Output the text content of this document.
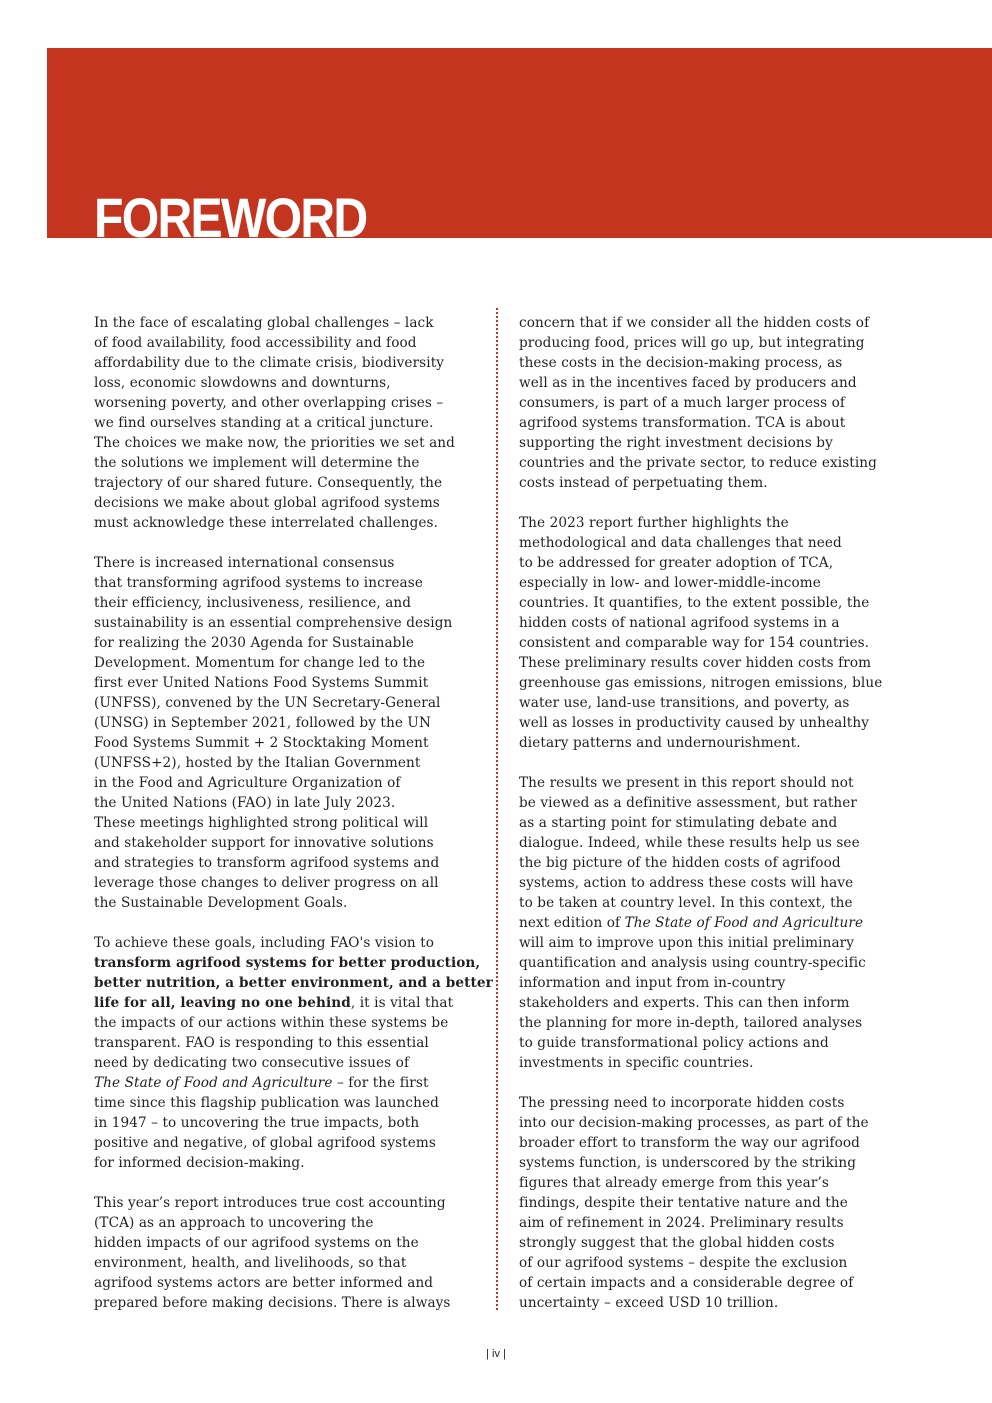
FOREWORD
In the face of escalating global challenges – lack
of food availability, food accessibility and food
affordability due to the climate crisis, biodiversity
loss, economic slowdowns and downturns,
worsening poverty, and other overlapping crises –
we find ourselves standing at a critical juncture.
The choices we make now, the priorities we set and
the solutions we implement will determine the
trajectory of our shared future. Consequently, the
decisions we make about global agrifood systems
must acknowledge these interrelated challenges.
There is increased international consensus
that transforming agrifood systems to increase
their efficiency, inclusiveness, resilience, and
sustainability is an essential comprehensive design
for realizing the 2030 Agenda for Sustainable
Development. Momentum for change led to the
first ever United Nations Food Systems Summit
(UNFSS), convened by the UN Secretary-General
(UNSG) in September 2021, followed by the UN
Food Systems Summit + 2 Stocktaking Moment
(UNFSS+2), hosted by the Italian Government
in the Food and Agriculture Organization of
the United Nations (FAO) in late July 2023.
These meetings highlighted strong political will
and stakeholder support for innovative solutions
and strategies to transform agrifood systems and
leverage those changes to deliver progress on all
the Sustainable Development Goals.
To achieve these goals, including FAO's vision to
transform agrifood systems for better production,
better nutrition, a better environment, and a better
life for all, leaving no one behind, it is vital that
the impacts of our actions within these systems be
transparent. FAO is responding to this essential
need by dedicating two consecutive issues of
The State of Food and Agriculture – for the first
time since this flagship publication was launched
in 1947 – to uncovering the true impacts, both
positive and negative, of global agrifood systems
for informed decision-making.
This year’s report introduces true cost accounting
(TCA) as an approach to uncovering the
hidden impacts of our agrifood systems on the
environment, health, and livelihoods, so that
agrifood systems actors are better informed and
prepared before making decisions. There is always
concern that if we consider all the hidden costs of
producing food, prices will go up, but integrating
these costs in the decision-making process, as
well as in the incentives faced by producers and
consumers, is part of a much larger process of
agrifood systems transformation. TCA is about
supporting the right investment decisions by
countries and the private sector, to reduce existing
costs instead of perpetuating them.
The 2023 report further highlights the
methodological and data challenges that need
to be addressed for greater adoption of TCA,
especially in low- and lower-middle-income
countries. It quantifies, to the extent possible, the
hidden costs of national agrifood systems in a
consistent and comparable way for 154 countries.
These preliminary results cover hidden costs from
greenhouse gas emissions, nitrogen emissions, blue
water use, land-use transitions, and poverty, as
well as losses in productivity caused by unhealthy
dietary patterns and undernourishment.
The results we present in this report should not
be viewed as a definitive assessment, but rather
as a starting point for stimulating debate and
dialogue. Indeed, while these results help us see
the big picture of the hidden costs of agrifood
systems, action to address these costs will have
to be taken at country level. In this context, the
next edition of The State of Food and Agriculture
will aim to improve upon this initial preliminary
quantification and analysis using country-specific
information and input from in-country
stakeholders and experts. This can then inform
the planning for more in-depth, tailored analyses
to guide transformational policy actions and
investments in specific countries.
The pressing need to incorporate hidden costs
into our decision-making processes, as part of the
broader effort to transform the way our agrifood
systems function, is underscored by the striking
figures that already emerge from this year’s
findings, despite their tentative nature and the
aim of refinement in 2024. Preliminary results
strongly suggest that the global hidden costs
of our agrifood systems – despite the exclusion
of certain impacts and a considerable degree of
uncertainty – exceed USD 10 trillion.
| iv |
